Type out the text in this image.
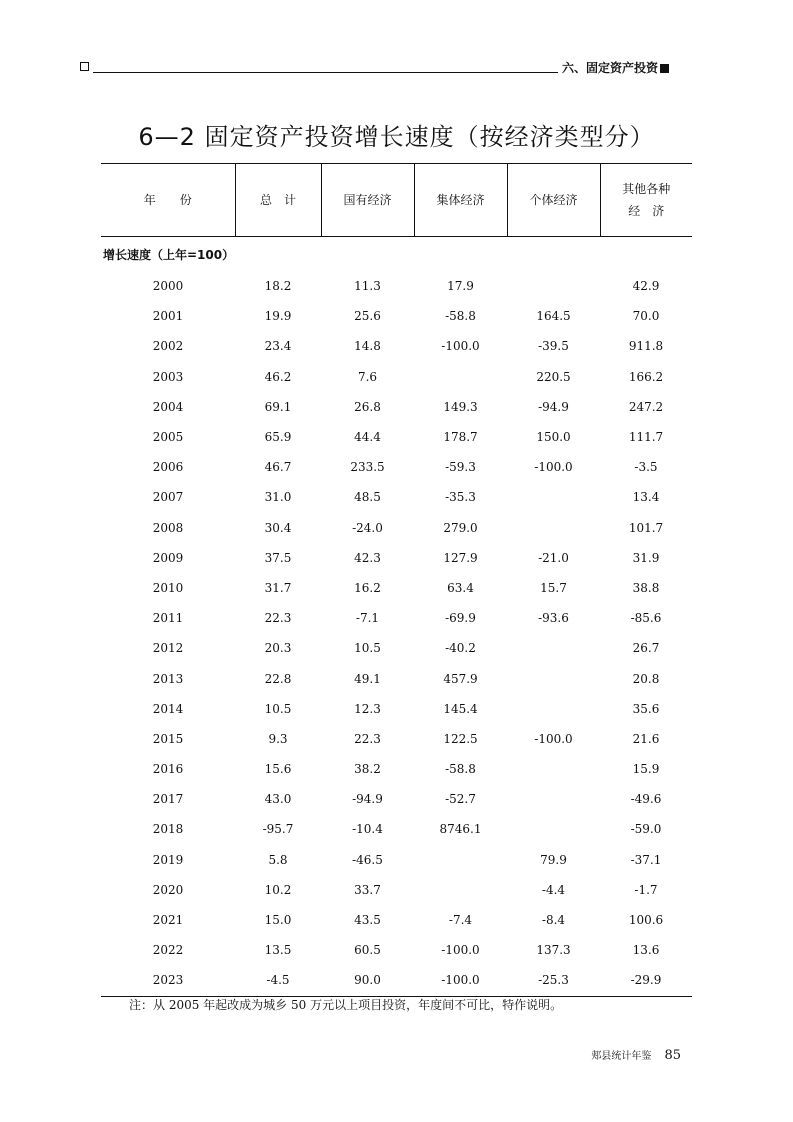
六、固定资产投资
6—2 固定资产投资增长速度（按经济类型分）
年　　份	总　计	国有经济	集体经济	个体经济	其他各种
经　济
增长速度（上年=100）					
2000	18.2	11.3	17.9		42.9
2001	19.9	25.6	-58.8	164.5	70.0
2002	23.4	14.8	-100.0	-39.5	911.8
2003	46.2	7.6		220.5	166.2
2004	69.1	26.8	149.3	-94.9	247.2
2005	65.9	44.4	178.7	150.0	111.7
2006	46.7	233.5	-59.3	-100.0	-3.5
2007	31.0	48.5	-35.3		13.4
2008	30.4	-24.0	279.0		101.7
2009	37.5	42.3	127.9	-21.0	31.9
2010	31.7	16.2	63.4	15.7	38.8
2011	22.3	-7.1	-69.9	-93.6	-85.6
2012	20.3	10.5	-40.2		26.7
2013	22.8	49.1	457.9		20.8
2014	10.5	12.3	145.4		35.6
2015	9.3	22.3	122.5	-100.0	21.6
2016	15.6	38.2	-58.8		15.9
2017	43.0	-94.9	-52.7		-49.6
2018	-95.7	-10.4	8746.1		-59.0
2019	5.8	-46.5		79.9	-37.1
2020	10.2	33.7		-4.4	-1.7
2021	15.0	43.5	-7.4	-8.4	100.6
2022	13.5	60.5	-100.0	137.3	13.6
2023	-4.5	90.0	-100.0	-25.3	-29.9
注：从 2005 年起改成为城乡 50 万元以上项目投资，年度间不可比，特作说明。
郏县统计年鉴 85
